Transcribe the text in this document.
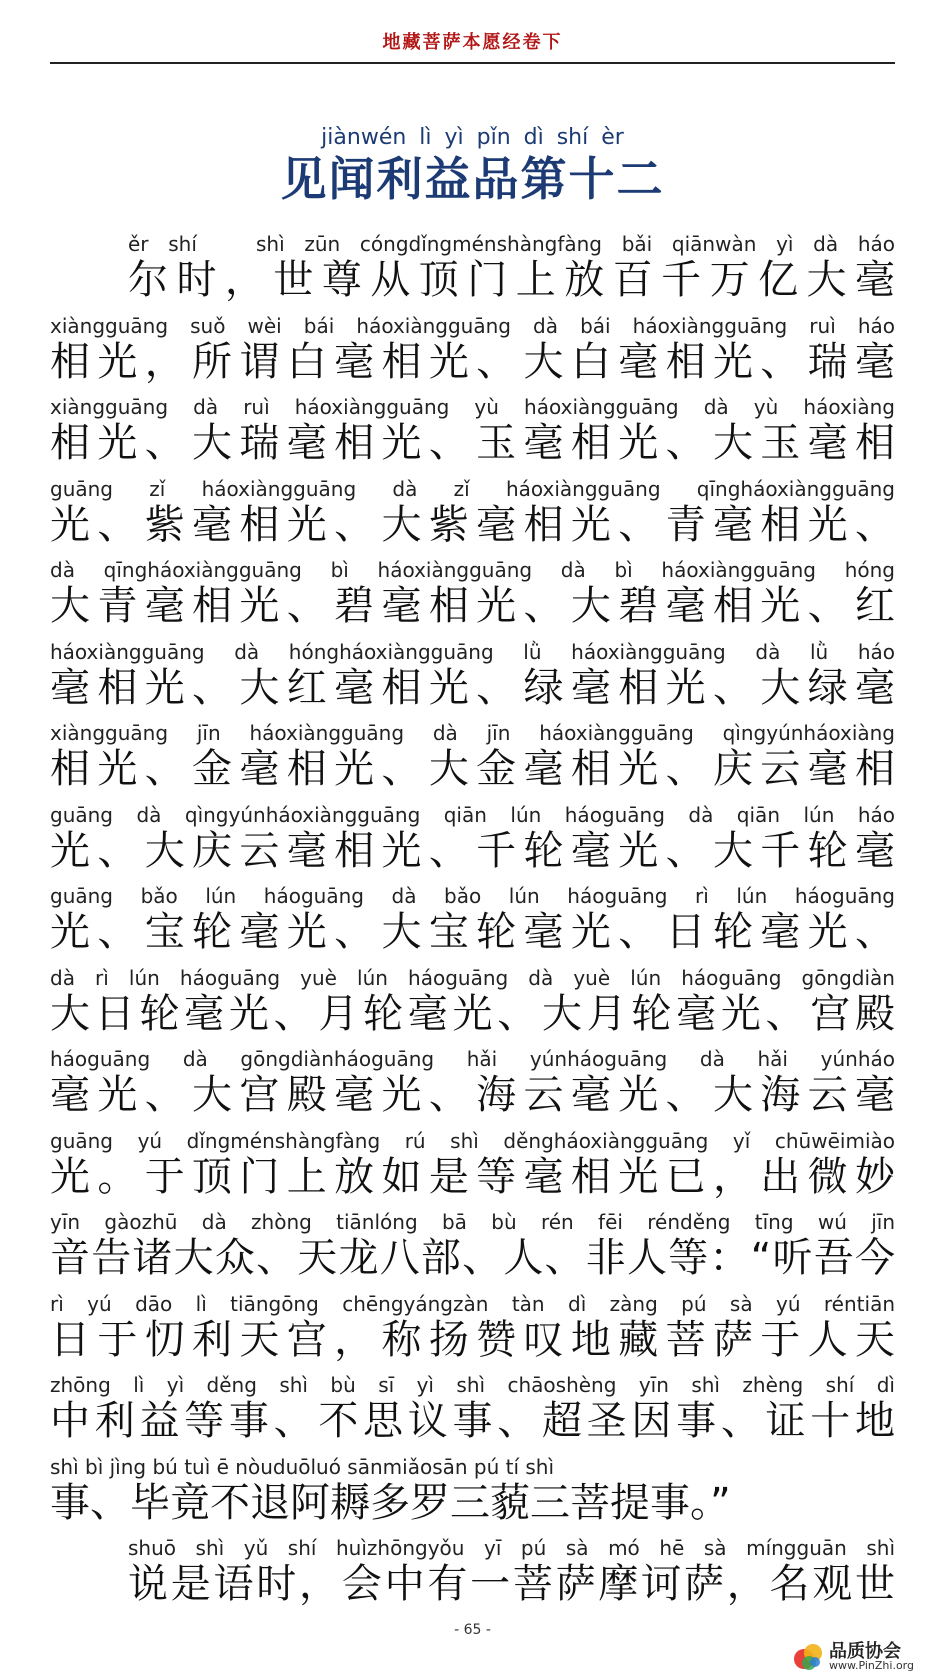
地藏菩萨本愿经卷下
jiànwén lì yì pǐn dì shí èr
见闻利益品第十二
ěr shí   shì zūn cóngdǐngménshàngfàng bǎi qiānwàn yì dà háo
尔时，世尊从顶门上放百千万亿大毫
xiàngguāng suǒ wèi bái háoxiàngguāng dà bái háoxiàngguāng ruì háo
相光，所谓白毫相光、大白毫相光、瑞毫
xiàngguāng dà ruì háoxiàngguāng yù háoxiàngguāng dà yù háoxiàng
相光、大瑞毫相光、玉毫相光、大玉毫相
guāng zǐ háoxiàngguāng dà zǐ háoxiàngguāng qīngháoxiàngguāng
光、紫毫相光、大紫毫相光、青毫相光、
dà qīngháoxiàngguāng bì háoxiàngguāng dà bì háoxiàngguāng hóng
大青毫相光、碧毫相光、大碧毫相光、红
háoxiàngguāng dà hóngháoxiàngguāng lǜ háoxiàngguāng dà lǜ háo
毫相光、大红毫相光、绿毫相光、大绿毫
xiàngguāng jīn háoxiàngguāng dà jīn háoxiàngguāng qìngyúnháoxiàng
相光、金毫相光、大金毫相光、庆云毫相
guāng dà qìngyúnháoxiàngguāng qiān lún háoguāng dà qiān lún háo
光、大庆云毫相光、千轮毫光、大千轮毫
guāng bǎo lún háoguāng dà bǎo lún háoguāng rì lún háoguāng
光、宝轮毫光、大宝轮毫光、日轮毫光、
dà rì lún háoguāng yuè lún háoguāng dà yuè lún háoguāng gōngdiàn
大日轮毫光、月轮毫光、大月轮毫光、宫殿
háoguāng dà gōngdiànháoguāng hǎi yúnháoguāng dà hǎi yúnháo
毫光、大宫殿毫光、海云毫光、大海云毫
guāng yú dǐngménshàngfàng rú shì děngháoxiàngguāng yǐ chūwēimiào
光。于顶门上放如是等毫相光已，出微妙
yīn gàozhū dà zhòng tiānlóng bā bù rén fēi rénděng tīng wú jīn
音告诸大众、天龙八部、人、非人等：“听吾今
rì yú dāo lì tiāngōng chēngyángzàn tàn dì zàng pú sà yú réntiān
日于忉利天宫，称扬赞叹地藏菩萨于人天
zhōng lì yì děng shì bù sī yì shì chāoshèng yīn shì zhèng shí dì
中利益等事、不思议事、超圣因事、证十地
shì bì jìng bú tuì ē nòuduōluó sānmiǎosān pú tí shì
事、毕竟不退阿耨多罗三藐三菩提事。”
shuō shì yǔ shí huìzhōngyǒu yī pú sà mó hē sà míngguān shì
说是语时，会中有一菩萨摩诃萨，名观世
- 65 -
品质协会
www.PinZhi.org
